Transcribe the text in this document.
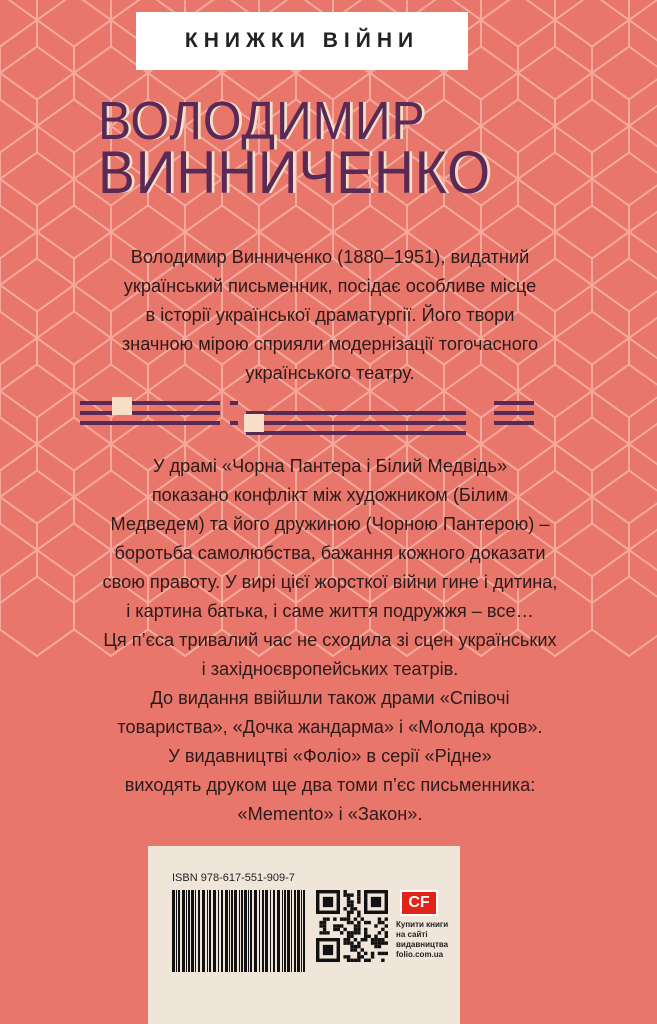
КНИЖКИ ВІЙНИ
ВОЛОДИМИР
ВИННИЧЕНКО

Володимир Винниченко (1880–1951), видатний

український письменник, посідає особливе місце

в історії української драматургії. Його твори

значною мірою сприяли модернізації тогочасного

українського театру.

У драмі «Чорна Пантера і Білий Медвідь»

показано конфлікт між художником (Білим

Медведем) та його дружиною (Чорною Пантерою) –

боротьба самолюбства, бажання кожного доказати

свою правоту. У вирі цієї жорсткої війни гине і дитина,

і картина батька, і саме життя подружжя – все…

Ця п’єса тривалий час не сходила зі сцен українських

і західноєвропейських театрів.

До видання ввійшли також драми «Співочі

товариства», «Дочка жандарма» і «Молода кров».

У видавництві «Фоліо» в серії «Рідне»

виходять друком ще два томи п’єс письменника:

«Memento» і «Закон».

ISBN 978-617-551-909-7
CF
Купити книги
на сайті
видавництва
folio.com.ua
